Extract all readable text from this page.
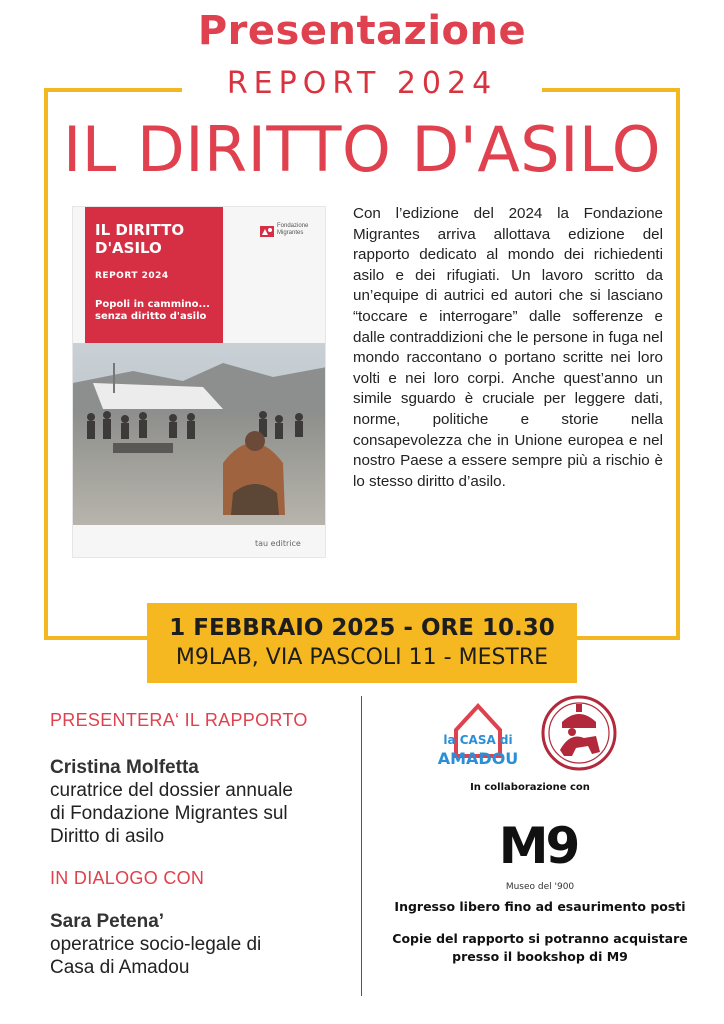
Presentazione
REPORT 2024
IL DIRITTO D'ASILO
IL DIRITTO
D'ASILO
REPORT 2024
Popoli in cammino...
senza diritto d'asilo
Fondazione
Migrantes
tau editrice
Con l’edizione del 2024 la Fondazione Migrantes arriva allottava edizione del rapporto dedicato al mondo dei richiedenti asilo e dei rifugiati. Un lavoro scritto da un’equipe di autrici ed autori che si lasciano “toccare e interrogare” dalle sofferenze e dalle contraddizioni che le persone in fuga nel mondo raccontano o portano scritte nei loro volti e nei loro corpi. Anche quest’anno un simile sguardo è cruciale per leggere dati, norme, politiche e storie nella consapevolezza che in Unione europea e nel nostro Paese a essere sempre più a rischio è lo stesso diritto d’asilo.
1 FEBBRAIO 2025 - ORE 10.30
M9LAB, VIA PASCOLI 11 - MESTRE
PRESENTERA‘ IL RAPPORTO
Cristina Molfetta
curatrice del dossier annuale
di Fondazione Migrantes sul
Diritto di asilo
IN DIALOGO CON
Sara Petena’
operatrice socio-legale di
Casa di Amadou
la CASA di
AMADOU
In collaborazione con
M9
Museo del '900
Ingresso libero fino ad esaurimento posti
Copie del rapporto si potranno acquistare
presso il bookshop di M9
